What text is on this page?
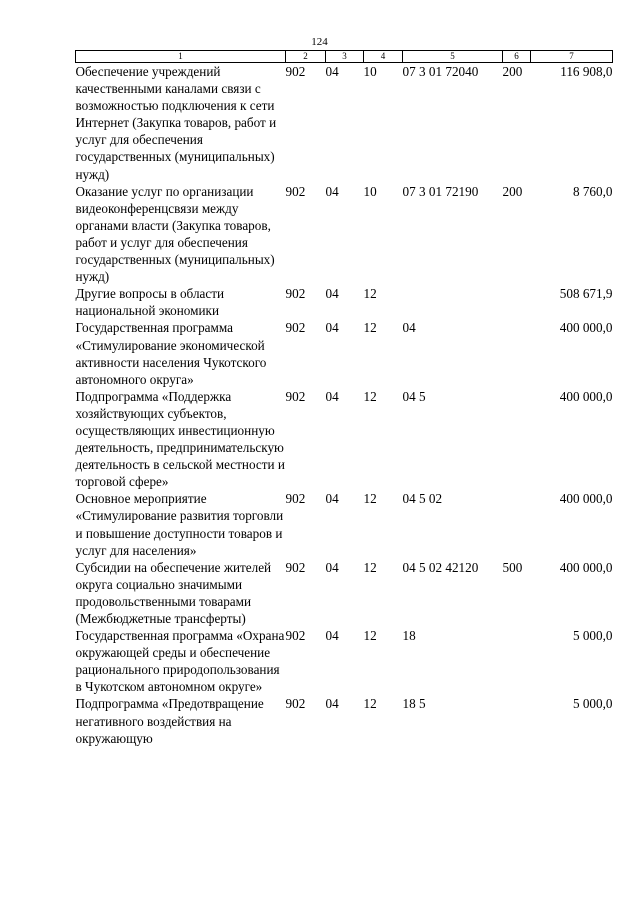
124
1	2	3	4	5	6	7
Обеспечение учреждений качественными каналами связи с возможностью подключения к сети Интернет (Закупка товаров, работ и услуг для обеспечения государственных (муниципальных) нужд)	902	04	10	07 3 01 72040	200	116 908,0
Оказание услуг по организации видеоконференцсвязи между органами власти (Закупка товаров, работ и услуг для обеспечения государственных (муниципальных) нужд)	902	04	10	07 3 01 72190	200	8 760,0
Другие вопросы в области национальной экономики	902	04	12			508 671,9
Государственная программа «Стимулирование экономической активности населения Чукотского автономного округа»	902	04	12	04		400 000,0
Подпрограмма «Поддержка хозяйствующих субъектов, осуществляющих инвестиционную деятельность, предпринимательскую деятельность в сельской местности и торговой сфере»	902	04	12	04 5		400 000,0
Основное мероприятие «Стимулирование развития торговли и повышение доступности товаров и услуг для населения»	902	04	12	04 5 02		400 000,0
Субсидии на обеспечение жителей округа социально значимыми продовольственными товарами (Межбюджетные трансферты)	902	04	12	04 5 02 42120	500	400 000,0
Государственная программа «Охрана окружающей среды и обеспечение рационального природопользования в Чукотском автономном округе»	902	04	12	18		5 000,0
Подпрограмма «Предотвращение негативного воздействия на окружающую	902	04	12	18 5		5 000,0
